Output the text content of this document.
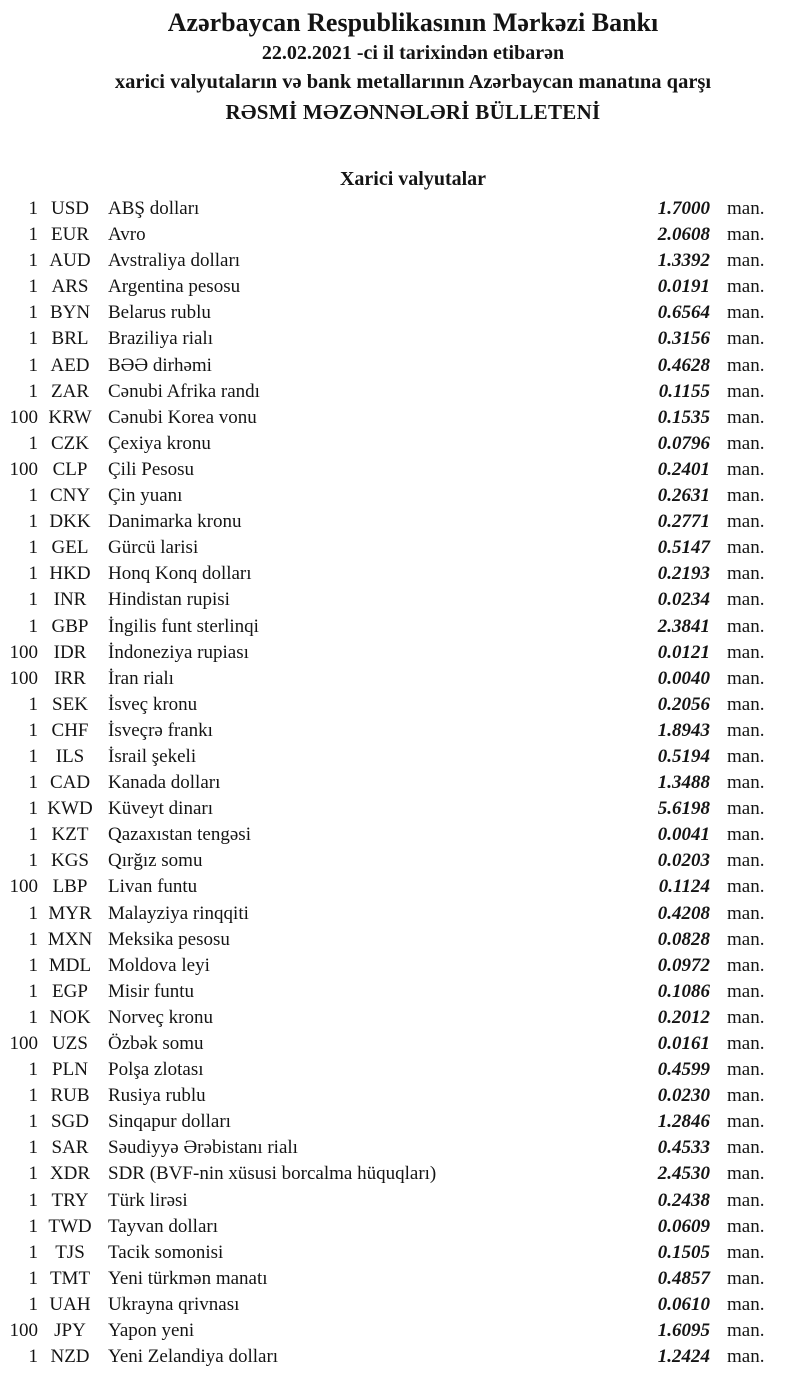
Azərbaycan Respublikasının Mərkəzi Bankı
22.02.2021 -ci il tarixindən etibarən
xarici valyutaların və bank metallarının Azərbaycan manatına qarşı
RƏSMİ MƏZƏNNƏLƏRİ BÜLLETENİ
Xarici valyutalar
1 USD	ABŞ dolları	1.7000 man.
1 EUR	Avro	2.0608 man.
1 AUD Avstraliya dolları	1.3392 man.
1 ARS	Argentina pesosu	0.0191 man.
1 BYN Belarus rublu	0.6564 man.
1 BRL	Braziliya rialı	0.3156 man.
1 AED BƏƏ dirhəmi	0.4628 man.
1 ZAR	Cənubi Afrika randı	0.1155 man.
100 KRW Cənubi Korea vonu	0.1535 man.
1 CZK	Çexiya kronu	0.0796 man.
100 CLP	Çili Pesosu	0.2401 man.
1 CNY Çin yuanı	0.2631 man.
1 DKK Danimarka kronu	0.2771 man.
1 GEL	Gürcü larisi	0.5147 man.
1 HKD Honq Konq dolları	0.2193 man.
1 INR	Hindistan rupisi	0.0234 man.
1 GBP	İngilis funt sterlinqi	2.3841 man.
100 IDR	İndoneziya rupiası	0.0121 man.
100 IRR	İran rialı	0.0040 man.
1 SEK	İsveç kronu	0.2056 man.
1 CHF	İsveçrə frankı	1.8943 man.
1 ILS	İsrail şekeli	0.5194 man.
1 CAD Kanada dolları	1.3488 man.
1 KWD Küveyt dinarı	5.6198 man.
1 KZT	Qazaxıstan tengəsi	0.0041 man.
1 KGS	Qırğız somu	0.0203 man.
100 LBP	Livan funtu	0.1124 man.
1 MYR Malayziya rinqqiti	0.4208 man.
1 MXN Meksika pesosu	0.0828 man.
1 MDL Moldova leyi	0.0972 man.
1 EGP	Misir funtu	0.1086 man.
1 NOK Norveç kronu	0.2012 man.
100 UZS	Özbək somu	0.0161 man.
1 PLN	Polşa zlotası	0.4599 man.
1 RUB Rusiya rublu	0.0230 man.
1 SGD	Sinqapur dolları	1.2846 man.
1 SAR	Səudiyyə Ərəbistanı rialı	0.4533 man.
1 XDR SDR (BVF-nin xüsusi borcalma hüquqları)	2.4530 man.
1 TRY	Türk lirəsi	0.2438 man.
1 TWD Tayvan dolları	0.0609 man.
1 TJS	Tacik somonisi	0.1505 man.
1 TMT Yeni türkmən manatı	0.4857 man.
1 UAH Ukrayna qrivnası	0.0610 man.
100 JPY	Yapon yeni	1.6095 man.
1 NZD Yeni Zelandiya dolları	1.2424 man.
